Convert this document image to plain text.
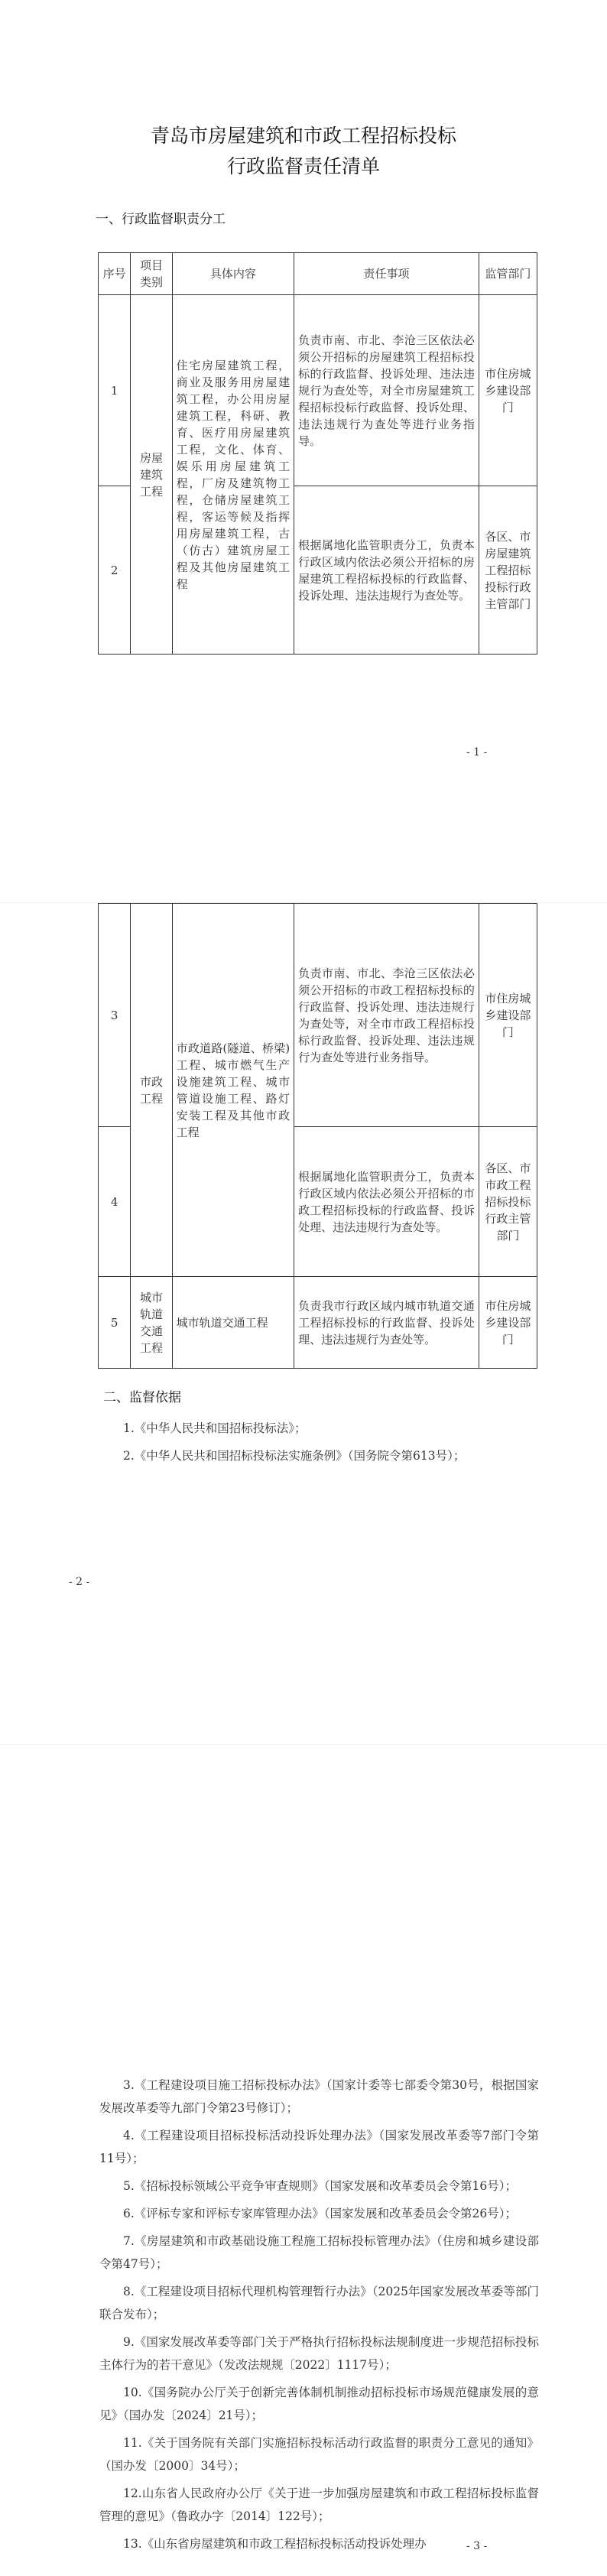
青岛市房屋建筑和市政工程招标投标
行政监督责任清单
一、行政监督职责分工
序号	项目类别	具体内容	责任事项	监管部门
1	房屋建筑工程	住宅房屋建筑工程，商业及服务用房屋建筑工程，办公用房屋建筑工程，科研、教育、医疗用房屋建筑工程，文化、体育、娱乐用房屋建筑工程，厂房及建筑物工程，仓储房屋建筑工程，客运等候及指挥用房屋建筑工程，古（仿古）建筑房屋工程及其他房屋建筑工程	负责市南、市北、李沧三区依法必须公开招标的房屋建筑工程招标投标的行政监督、投诉处理、违法违规行为查处等，对全市房屋建筑工程招标投标行政监督、投诉处理、违法违规行为查处等进行业务指导。	市住房城乡建设部门
2			根据属地化监管职责分工，负责本行政区域内依法必须公开招标的房屋建筑工程招标投标的行政监督、投诉处理、违法违规行为查处等。	各区、市房屋建筑工程招标投标行政主管部门
- 1 -
3	市政工程	市政道路(隧道、桥梁)工程、城市燃气生产设施建筑工程、城市管道设施工程、路灯安装工程及其他市政工程	负责市南、市北、李沧三区依法必须公开招标的市政工程招标投标的行政监督、投诉处理、违法违规行为查处等，对全市市政工程招标投标行政监督、投诉处理、违法违规行为查处等进行业务指导。	市住房城乡建设部门
4			根据属地化监管职责分工，负责本行政区域内依法必须公开招标的市政工程招标投标的行政监督、投诉处理、违法违规行为查处等。	各区、市市政工程招标投标行政主管部门
5	城市轨道交通工程	城市轨道交通工程	负责我市行政区域内城市轨道交通工程招标投标的行政监督、投诉处理、违法违规行为查处等。	市住房城乡建设部门
二、监督依据

1.《中华人民共和国招标投标法》；

2.《中华人民共和国招标投标法实施条例》（国务院令第613号）；

- 2 -

3.《工程建设项目施工招标投标办法》（国家计委等七部委令第30号，根据国家发展改革委等九部门令第23号修订）；

4.《工程建设项目招标投标活动投诉处理办法》（国家发展改革委等7部门令第11号）；

5.《招标投标领域公平竞争审查规则》（国家发展和改革委员会令第16号）；

6.《评标专家和评标专家库管理办法》（国家发展和改革委员会令第26号）；

7.《房屋建筑和市政基础设施工程施工招标投标管理办法》（住房和城乡建设部令第47号）；

8.《工程建设项目招标代理机构管理暂行办法》（2025年国家发展改革委等部门联合发布）；

9.《国家发展改革委等部门关于严格执行招标投标法规制度进一步规范招标投标主体行为的若干意见》（发改法规规〔2022〕1117号）；

10.《国务院办公厅关于创新完善体制机制推动招标投标市场规范健康发展的意见》（国办发〔2024〕21号）；

11.《关于国务院有关部门实施招标投标活动行政监督的职责分工意见的通知》（国办发〔2000〕34号）；

12.山东省人民政府办公厅《关于进一步加强房屋建筑和市政工程招标投标监督管理的意见》（鲁政办字〔2014〕122号）；

13.《山东省房屋建筑和市政工程招标投标活动投诉处理办	- 3 -
